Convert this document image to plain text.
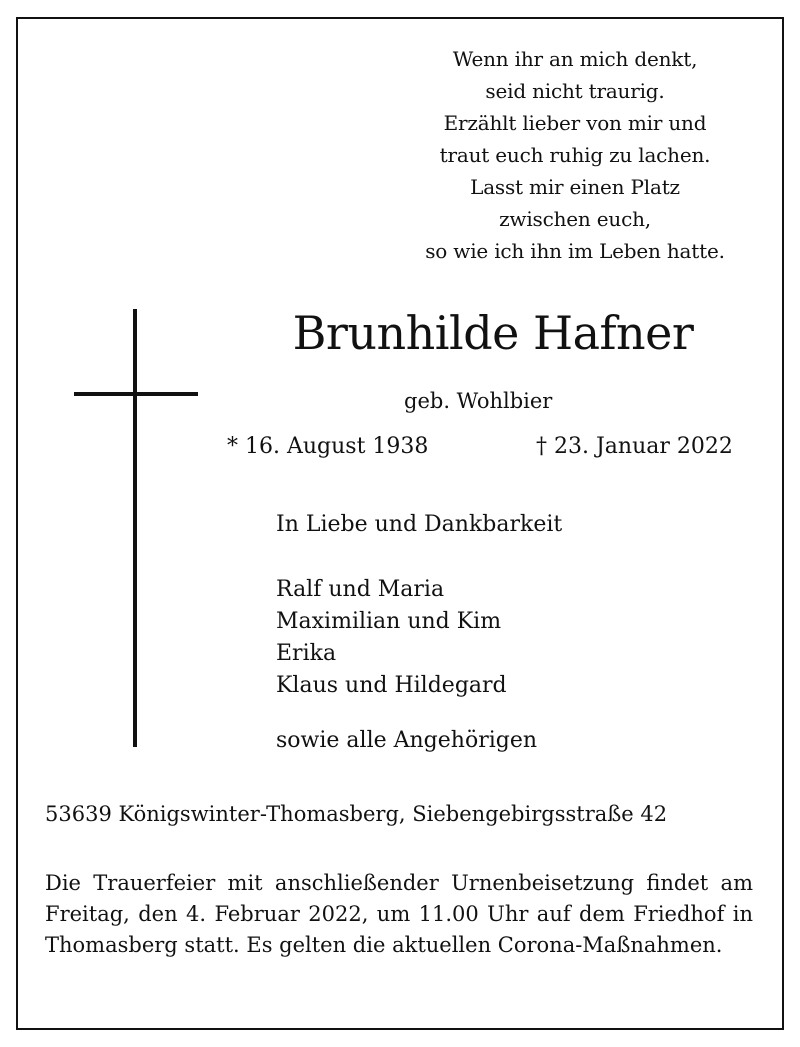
Wenn ihr an mich denkt,
seid nicht traurig.
Erzählt lieber von mir und
traut euch ruhig zu lachen.
Lasst mir einen Platz
zwischen euch,
so wie ich ihn im Leben hatte.
Brunhilde Hafner
geb. Wohlbier
* 16. August 1938	† 23. Januar 2022
In Liebe und Dankbarkeit
Ralf und Maria
Maximilian und Kim
Erika
Klaus und Hildegard
sowie alle Angehörigen
53639 Königswinter-Thomasberg, Siebengebirgsstraße 42

Die Trauerfeier mit anschließender Urnenbeisetzung findet am Freitag, den 4. Februar 2022, um 11.00 Uhr auf dem Friedhof in Thomasberg statt. Es gelten die aktuellen Corona-Maßnahmen.
